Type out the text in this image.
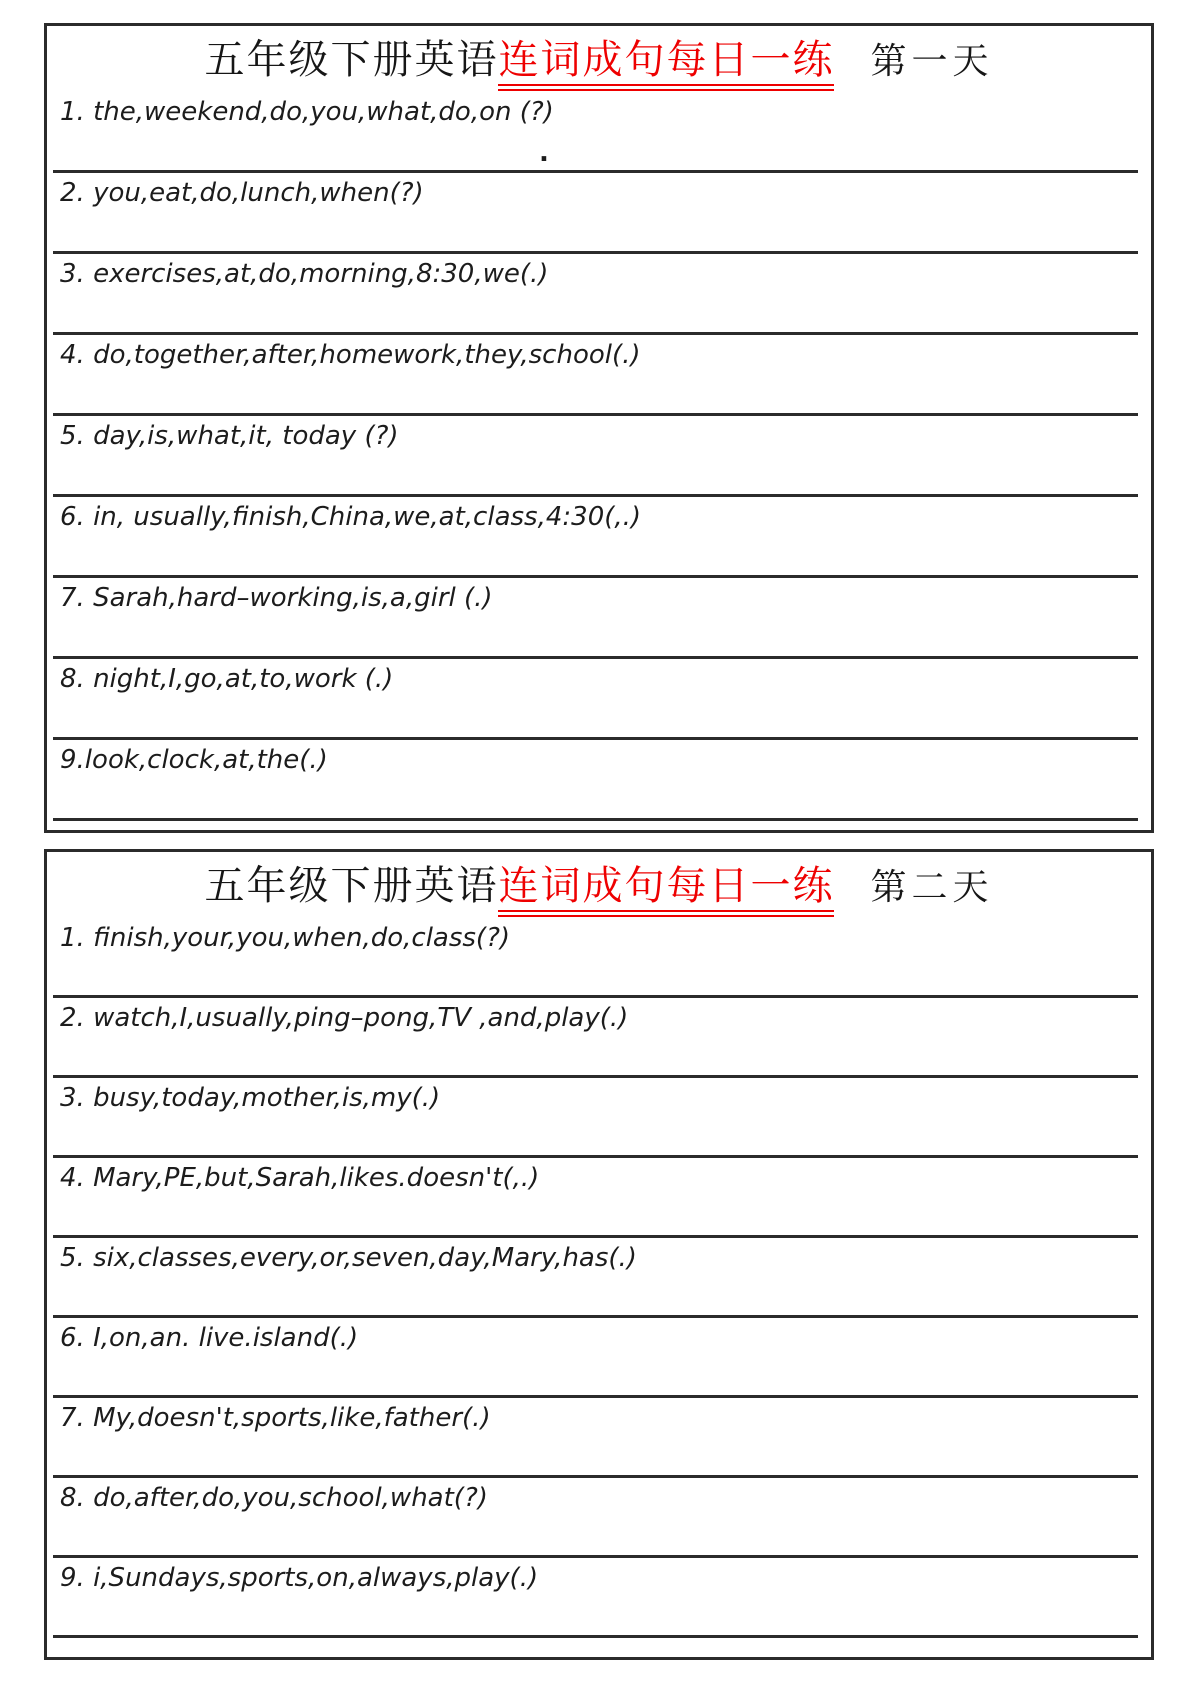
五年级下册英语连词成句每日一练 第一天
1. the,weekend,do,you,what,do,on (?)
.
2. you,eat,do,lunch,when(?)
3. exercises,at,do,morning,8:30,we(.)
4. do,together,after,homework,they,school(.)
5. day,is,what,it, today (?)
6. in, usually,finish,China,we,at,class,4:30(,.)
7. Sarah,hard–working,is,a,girl (.)
8. night,I,go,at,to,work (.)
9.look,clock,at,the(.)
五年级下册英语连词成句每日一练 第二天
1. finish,your,you,when,do,class(?)
2. watch,I,usually,ping–pong,TV ,and,play(.)
3. busy,today,mother,is,my(.)
4. Mary,PE,but,Sarah,likes.doesn't(,.)
5. six,classes,every,or,seven,day,Mary,has(.)
6. I,on,an. live.island(.)
7. My,doesn't,sports,like,father(.)
8. do,after,do,you,school,what(?)
9. i,Sundays,sports,on,always,play(.)
